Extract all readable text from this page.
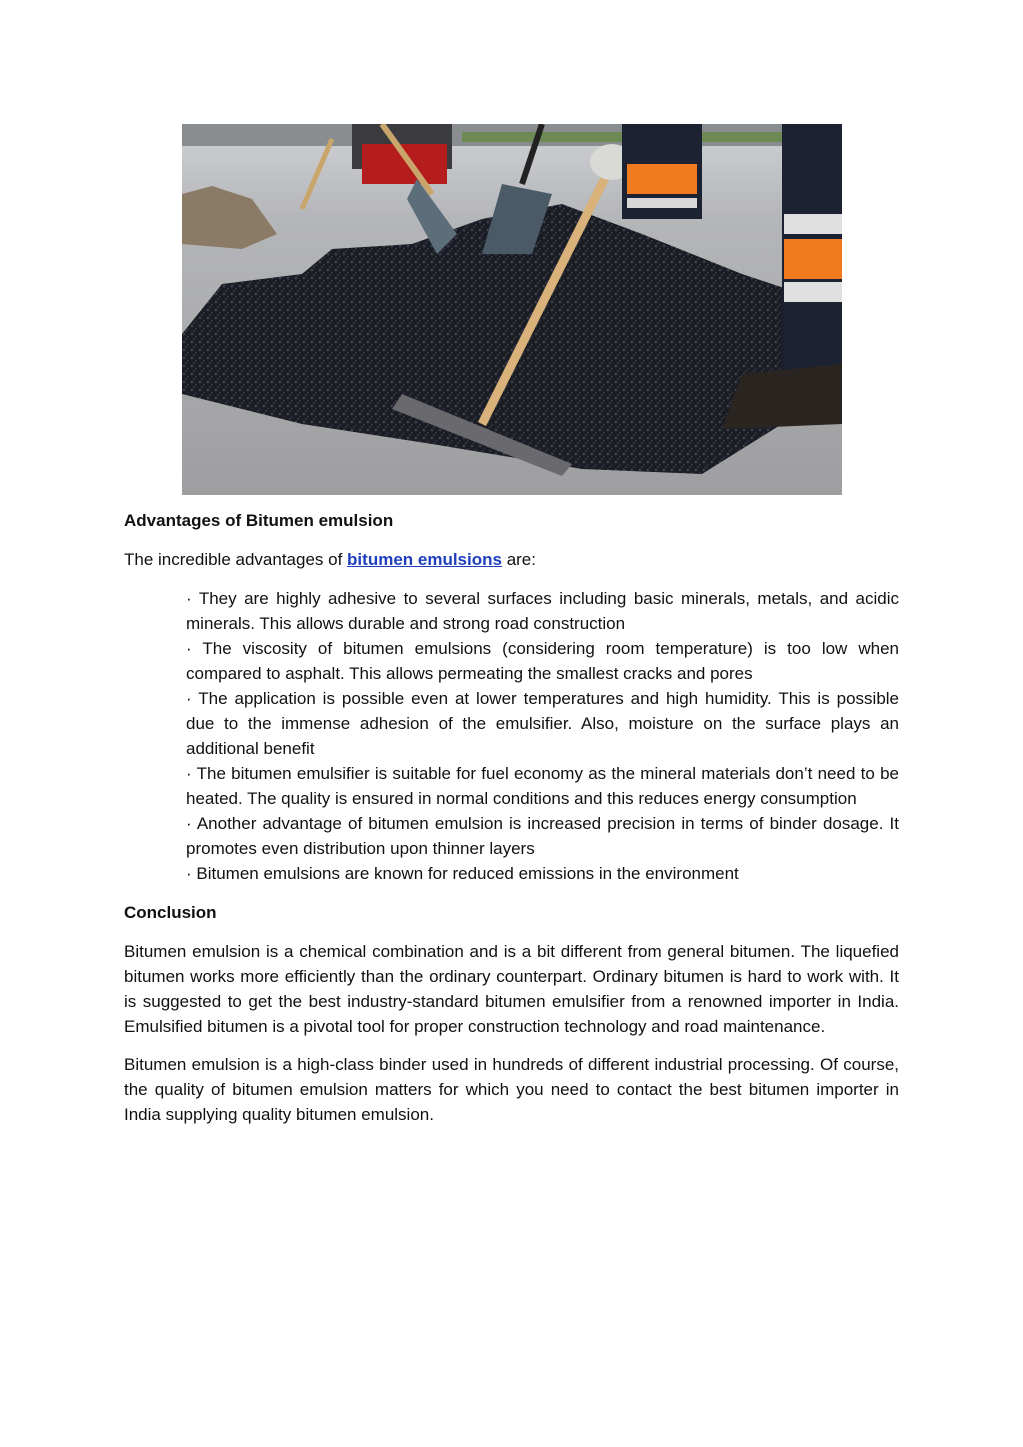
Advantages of Bitumen emulsion

The incredible advantages of bitumen emulsions are:

· They are highly adhesive to several surfaces including basic minerals, metals, and acidic minerals. This allows durable and strong road construction
· The viscosity of bitumen emulsions (considering room temperature) is too low when compared to asphalt. This allows permeating the smallest cracks and pores
· The application is possible even at lower temperatures and high humidity. This is possible due to the immense adhesion of the emulsifier. Also, moisture on the surface plays an additional benefit
· The bitumen emulsifier is suitable for fuel economy as the mineral materials don’t need to be heated. The quality is ensured in normal conditions and this reduces energy consumption
· Another advantage of bitumen emulsion is increased precision in terms of binder dosage. It promotes even distribution upon thinner layers
· Bitumen emulsions are known for reduced emissions in the environment

Conclusion

Bitumen emulsion is a chemical combination and is a bit different from general bitumen. The liquefied bitumen works more efficiently than the ordinary counterpart. Ordinary bitumen is hard to work with. It is suggested to get the best industry-standard bitumen emulsifier from a renowned importer in India. Emulsified bitumen is a pivotal tool for proper construction technology and road maintenance.

Bitumen emulsion is a high-class binder used in hundreds of different industrial processing. Of course, the quality of bitumen emulsion matters for which you need to contact the best bitumen importer in India supplying quality bitumen emulsion.
